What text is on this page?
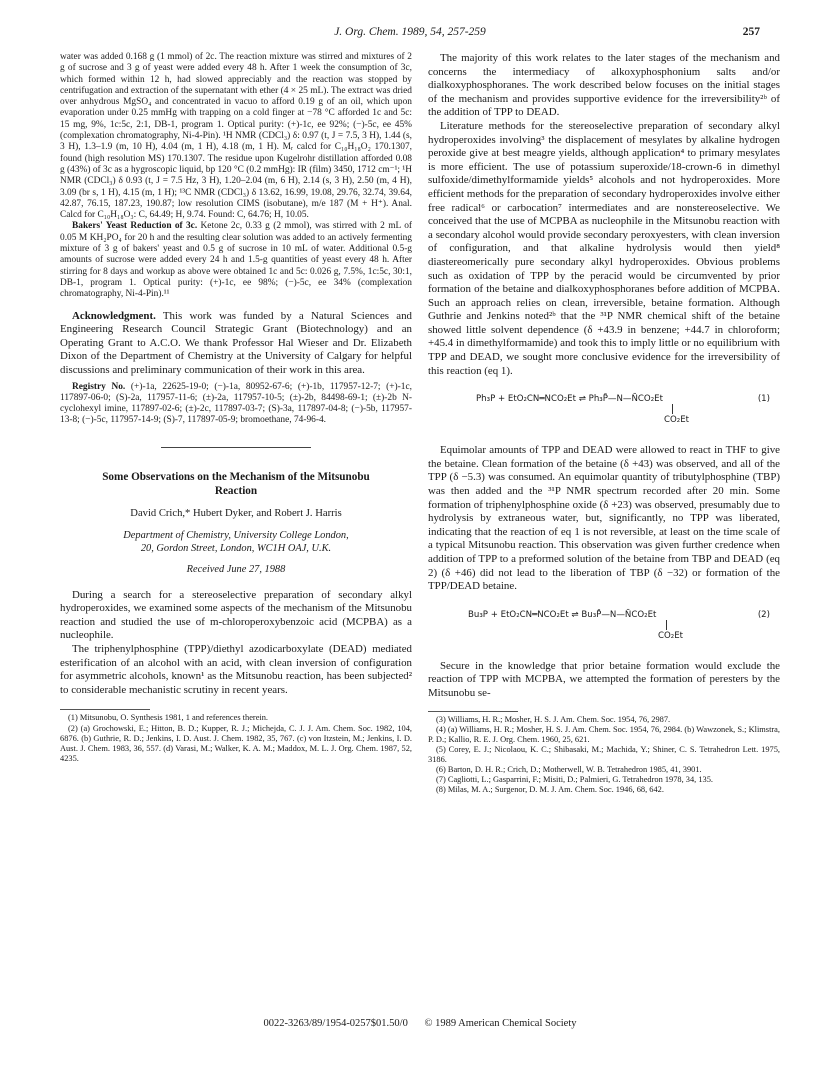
J. Org. Chem. 1989, 54, 257-259	257

water was added 0.168 g (1 mmol) of 2c. The reaction mixture was stirred and mixtures of 2 g of sucrose and 3 g of yeast were added every 48 h. After 1 week the consumption of 3c, which formed within 12 h, had slowed appreciably and the reaction was stopped by centrifugation and extraction of the supernatant with ether (4 × 25 mL). The extract was dried over anhydrous MgSO₄ and concentrated in vacuo to afford 0.19 g of an oil, which upon evaporation under 0.25 mmHg with trapping on a cold finger at −78 °C afforded 1c and 5c: 15 mg, 9%, 1c:5c, 2:1, DB-1, program 1. Optical purity: (+)-1c, ee 92%; (−)-5c, ee 45% (complexation chromatography, Ni-4-Pin). ¹H NMR (CDCl₃) δ: 0.97 (t, J = 7.5, 3 H), 1.44 (s, 3 H), 1.3–1.9 (m, 10 H), 4.04 (m, 1 H), 4.18 (m, 1 H). Mᵣ calcd for C₁₀H₁₈O₂ 170.1307, found (high resolution MS) 170.1307. The residue upon Kugelrohr distillation afforded 0.08 g (43%) of 3c as a hygroscopic liquid, bp 120 °C (0.2 mmHg): IR (film) 3450, 1712 cm⁻¹; ¹H NMR (CDCl₃) δ 0.93 (t, J = 7.5 Hz, 3 H), 1.20–2.04 (m, 6 H), 2.14 (s, 3 H), 2.50 (m, 4 H), 3.09 (br s, 1 H), 4.15 (m, 1 H); ¹³C NMR (CDCl₃) δ 13.62, 16.99, 19.08, 29.76, 32.74, 39.64, 42.87, 76.15, 187.23, 190.87; low resolution CIMS (isobutane), m/e 187 (M + H⁺). Anal. Calcd for C₁₀H₁₈O₃: C, 64.49; H, 9.74. Found: C, 64.76; H, 10.05.

Bakers' Yeast Reduction of 3c. Ketone 2c, 0.33 g (2 mmol), was stirred with 2 mL of 0.05 M KH₂PO₄ for 20 h and the resulting clear solution was added to an actively fermenting mixture of 3 g of bakers' yeast and 0.5 g of sucrose in 10 mL of water. Additional 0.5-g amounts of sucrose were added every 24 h and 1.5-g quantities of yeast every 48 h. After stirring for 8 days and workup as above were obtained 1c and 5c: 0.026 g, 7.5%, 1c:5c, 30:1, DB-1, program 1. Optical purity: (+)-1c, ee 98%; (−)-5c, ee 34% (complexation chromatography, Ni-4-Pin).¹¹

Acknowledgment. This work was funded by a Natural Sciences and Engineering Research Council Strategic Grant (Biotechnology) and an Operating Grant to A.C.O. We thank Professor Hal Wieser and Dr. Elizabeth Dixon of the Department of Chemistry at the University of Calgary for helpful discussions and preliminary communication of their work in this area.

Registry No. (+)-1a, 22625-19-0; (−)-1a, 80952-67-6; (+)-1b, 117957-12-7; (+)-1c, 117897-06-0; (S)-2a, 117957-11-6; (±)-2a, 117957-10-5; (±)-2b, 84498-69-1; (±)-2b N-cyclohexyl imine, 117897-02-6; (±)-2c, 117897-03-7; (S)-3a, 117897-04-8; (−)-5b, 117957-13-8; (−)-5c, 117957-14-9; (S)-7, 117897-05-9; bromoethane, 74-96-4.

Some Observations on the Mechanism of the Mitsunobu Reaction
David Crich,* Hubert Dyker, and Robert J. Harris
Department of Chemistry, University College London,
20, Gordon Street, London, WC1H OAJ, U.K.
Received June 27, 1988

During a search for a stereoselective preparation of secondary alkyl hydroperoxides, we examined some aspects of the mechanism of the Mitsunobu reaction and studied the use of m-chloroperoxybenzoic acid (MCPBA) as a nucleophile.

The triphenylphosphine (TPP)/diethyl azodicarboxylate (DEAD) mediated esterification of an alcohol with an acid, with clean inversion of configuration for asymmetric alcohols, known¹ as the Mitsunobu reaction, has been subjected² to considerable mechanistic scrutiny in recent years.

(1) Mitsunobu, O. Synthesis 1981, 1 and references therein.

(2) (a) Grochowski, E.; Hitton, B. D.; Kupper, R. J.; Michejda, C. J. J. Am. Chem. Soc. 1982, 104, 6876. (b) Guthrie, R. D.; Jenkins, I. D. Aust. J. Chem. 1982, 35, 767. (c) von Itzstein, M.; Jenkins, I. D. Aust. J. Chem. 1983, 36, 557. (d) Varasi, M.; Walker, K. A. M.; Maddox, M. L. J. Org. Chem. 1987, 52, 4235.

The majority of this work relates to the later stages of the mechanism and concerns the intermediacy of alkoxyphosphonium salts and/or dialkoxyphosphoranes. The work described below focuses on the initial stages of the mechanism and provides supportive evidence for the irreversibility²ᵇ of the addition of TPP to DEAD.

Literature methods for the stereoselective preparation of secondary alkyl hydroperoxides involving³ the displacement of mesylates by alkaline hydrogen peroxide give at best meagre yields, although application⁴ to primary mesylates is more efficient. The use of potassium superoxide/18-crown-6 in dimethyl sulfoxide/dimethylformamide yields⁵ alcohols and not hydroperoxides. More efficient methods for the preparation of secondary hydroperoxides involve either free radical⁶ or carbocation⁷ intermediates and are nonstereoselective. We conceived that the use of MCPBA as nucleophile in the Mitsunobu reaction with a secondary alcohol would provide secondary peroxyesters, with clean inversion of configuration, and that alkaline hydrolysis would then yield⁸ diastereomerically pure secondary alkyl hydroperoxides. Obvious problems such as oxidation of TPP by the peracid would be circumvented by prior formation of the betaine and dialkoxyphosphoranes before addition of MCPBA. Such an approach relies on clean, irreversible, betaine formation. Although Guthrie and Jenkins noted²ᵇ that the ³¹P NMR chemical shift of the betaine showed little solvent dependence (δ +43.9 in benzene; +44.7 in chloroform; +45.4 in dimethylformamide) and took this to imply little or no equilibrium with TPP and DEAD, we sought more conclusive evidence for the irreversibility of this reaction (eq 1).

Ph₃P + EtO₂CN═NCO₂Et ⇌ Ph₃P̊—N—N̄CO₂Et
CO₂Et
(1)

Equimolar amounts of TPP and DEAD were allowed to react in THF to give the betaine. Clean formation of the betaine (δ +43) was observed, and all of the TPP (δ −5.3) was consumed. An equimolar quantity of tributylphosphine (TBP) was then added and the ³¹P NMR spectrum recorded after 20 min. Some formation of triphenylphosphine oxide (δ +23) was observed, presumably due to hydrolysis by extraneous water, but, significantly, no TPP was liberated, indicating that the reaction of eq 1 is not reversible, at least on the time scale of a typical Mitsunobu reaction. This observation was given further credence when addition of TPP to a preformed solution of the betaine from TBP and DEAD (eq 2) (δ +46) did not lead to the liberation of TBP (δ −32) or formation of the TPP/DEAD betaine.

Bu₃P + EtO₂CN═NCO₂Et ⇌ Bu₃P̊—N—N̄CO₂Et
CO₂Et
(2)

Secure in the knowledge that prior betaine formation would exclude the reaction of TPP with MCPBA, we attempted the formation of peresters by the Mitsunobu se-

(3) Williams, H. R.; Mosher, H. S. J. Am. Chem. Soc. 1954, 76, 2987.

(4) (a) Williams, H. R.; Mosher, H. S. J. Am. Chem. Soc. 1954, 76, 2984. (b) Wawzonek, S.; Klimstra, P. D.; Kallio, R. E. J. Org. Chem. 1960, 25, 621.

(5) Corey, E. J.; Nicolaou, K. C.; Shibasaki, M.; Machida, Y.; Shiner, C. S. Tetrahedron Lett. 1975, 3186.

(6) Barton, D. H. R.; Crich, D.; Motherwell, W. B. Tetrahedron 1985, 41, 3901.

(7) Cagliotti, L.; Gasparrini, F.; Misiti, D.; Palmieri, G. Tetrahedron 1978, 34, 135.

(8) Milas, M. A.; Surgenor, D. M. J. Am. Chem. Soc. 1946, 68, 642.

0022-3263/89/1954-0257$01.50/0 © 1989 American Chemical Society
